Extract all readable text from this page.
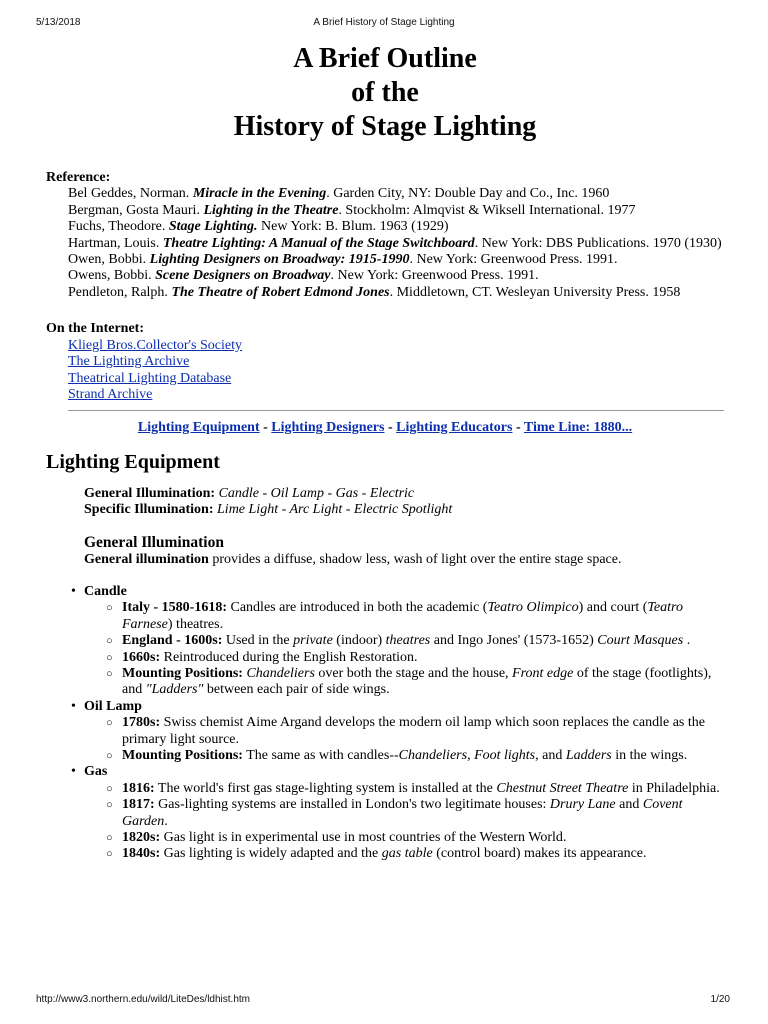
5/13/2018	A Brief History of Stage Lighting
A Brief Outline
of the
History of Stage Lighting
Reference:
Bel Geddes, Norman. Miracle in the Evening. Garden City, NY: Double Day and Co., Inc. 1960
Bergman, Gosta Mauri. Lighting in the Theatre. Stockholm: Almqvist & Wiksell International. 1977
Fuchs, Theodore. Stage Lighting. New York: B. Blum. 1963 (1929)
Hartman, Louis. Theatre Lighting: A Manual of the Stage Switchboard. New York: DBS Publications. 1970 (1930)
Owen, Bobbi. Lighting Designers on Broadway: 1915-1990. New York: Greenwood Press. 1991.
Owens, Bobbi. Scene Designers on Broadway. New York: Greenwood Press. 1991.
Pendleton, Ralph. The Theatre of Robert Edmond Jones. Middletown, CT. Wesleyan University Press. 1958
On the Internet:
Kliegl Bros.Collector's Society
The Lighting Archive
Theatrical Lighting Database
Strand Archive
Lighting Equipment - Lighting Designers - Lighting Educators - Time Line: 1880...
Lighting Equipment
General Illumination: Candle - Oil Lamp - Gas - Electric
Specific Illumination: Lime Light - Arc Light - Electric Spotlight
General Illumination
General illumination provides a diffuse, shadow less, wash of light over the entire stage space.
• Candle
○ Italy - 1580-1618: Candles are introduced in both the academic (Teatro Olimpico) and court (Teatro Farnese) theatres.
○ England - 1600s: Used in the private (indoor) theatres and Ingo Jones' (1573-1652) Court Masques .
○ 1660s: Reintroduced during the English Restoration.
○ Mounting Positions: Chandeliers over both the stage and the house, Front edge of the stage (footlights), and "Ladders" between each pair of side wings.
• Oil Lamp
○ 1780s: Swiss chemist Aime Argand develops the modern oil lamp which soon replaces the candle as the primary light source.
○ Mounting Positions: The same as with candles--Chandeliers, Foot lights, and Ladders in the wings.
• Gas
○ 1816: The world's first gas stage-lighting system is installed at the Chestnut Street Theatre in Philadelphia.
○ 1817: Gas-lighting systems are installed in London's two legitimate houses: Drury Lane and Covent Garden.
○ 1820s: Gas light is in experimental use in most countries of the Western World.
○ 1840s: Gas lighting is widely adapted and the gas table (control board) makes its appearance.
http://www3.northern.edu/wild/LiteDes/ldhist.htm	1/20
